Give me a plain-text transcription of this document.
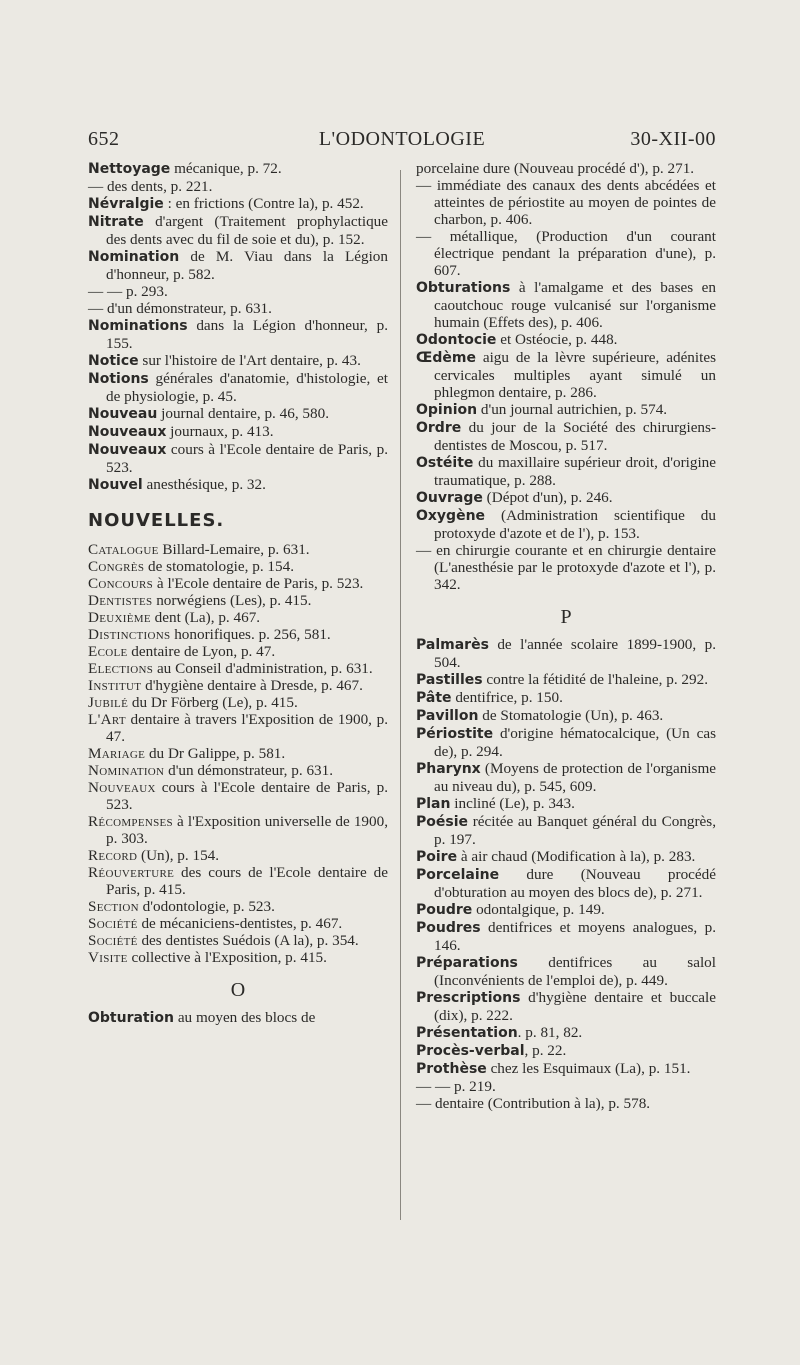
652	L'ODONTOLOGIE	30-XII-00

Nettoyage mécanique, p. 72.

— des dents, p. 221.

Névralgie : en frictions (Contre la), p. 452.

Nitrate d'argent (Traitement prophylactique des dents avec du fil de soie et du), p. 152.

Nomination de M. Viau dans la Légion d'honneur, p. 582.

— — p. 293.

— d'un démonstrateur, p. 631.

Nominations dans la Légion d'honneur, p. 155.

Notice sur l'histoire de l'Art dentaire, p. 43.

Notions générales d'anatomie, d'histologie, et de physiologie, p. 45.

Nouveau journal dentaire, p. 46, 580.

Nouveaux journaux, p. 413.

Nouveaux cours à l'Ecole dentaire de Paris, p. 523.

Nouvel anesthésique, p. 32.

NOUVELLES.

Catalogue Billard-Lemaire, p. 631.

Congrès de stomatologie, p. 154.

Concours à l'Ecole dentaire de Paris, p. 523.

Dentistes norwégiens (Les), p. 415.

Deuxième dent (La), p. 467.

Distinctions honorifiques. p. 256, 581.

Ecole dentaire de Lyon, p. 47.

Elections au Conseil d'administration, p. 631.

Institut d'hygiène dentaire à Dresde, p. 467.

Jubilé du Dr Förberg (Le), p. 415.

L'Art dentaire à travers l'Exposition de 1900, p. 47.

Mariage du Dr Galippe, p. 581.

Nomination d'un démonstrateur, p. 631.

Nouveaux cours à l'Ecole dentaire de Paris, p. 523.

Récompenses à l'Exposition universelle de 1900, p. 303.

Record (Un), p. 154.

Réouverture des cours de l'Ecole dentaire de Paris, p. 415.

Section d'odontologie, p. 523.

Société de mécaniciens-dentistes, p. 467.

Société des dentistes Suédois (A la), p. 354.

Visite collective à l'Exposition, p. 415.

O

Obturation au moyen des blocs de

porcelaine dure (Nouveau procédé d'), p. 271.

— immédiate des canaux des dents abcédées et atteintes de périostite au moyen de pointes de charbon, p. 406.

— métallique, (Production d'un courant électrique pendant la préparation d'une), p. 607.

Obturations à l'amalgame et des bases en caoutchouc rouge vulcanisé sur l'organisme humain (Effets des), p. 406.

Odontocie et Ostéocie, p. 448.

Œdème aigu de la lèvre supérieure, adénites cervicales multiples ayant simulé un phlegmon dentaire, p. 286.

Opinion d'un journal autrichien, p. 574.

Ordre du jour de la Société des chirurgiens-dentistes de Moscou, p. 517.

Ostéite du maxillaire supérieur droit, d'origine traumatique, p. 288.

Ouvrage (Dépot d'un), p. 246.

Oxygène (Administration scientifique du protoxyde d'azote et de l'), p. 153.

— en chirurgie courante et en chirurgie dentaire (L'anesthésie par le protoxyde d'azote et l'), p. 342.

P

Palmarès de l'année scolaire 1899-1900, p. 504.

Pastilles contre la fétidité de l'haleine, p. 292.

Pâte dentifrice, p. 150.

Pavillon de Stomatologie (Un), p. 463.

Périostite d'origine hématocalcique, (Un cas de), p. 294.

Pharynx (Moyens de protection de l'organisme au niveau du), p. 545, 609.

Plan incliné (Le), p. 343.

Poésie récitée au Banquet général du Congrès, p. 197.

Poire à air chaud (Modification à la), p. 283.

Porcelaine dure (Nouveau procédé d'obturation au moyen des blocs de), p. 271.

Poudre odontalgique, p. 149.

Poudres dentifrices et moyens analogues, p. 146.

Préparations dentifrices au salol (Inconvénients de l'emploi de), p. 449.

Prescriptions d'hygiène dentaire et buccale (dix), p. 222.

Présentation. p. 81, 82.

Procès-verbal, p. 22.

Prothèse chez les Esquimaux (La), p. 151.

— — p. 219.

— dentaire (Contribution à la), p. 578.
